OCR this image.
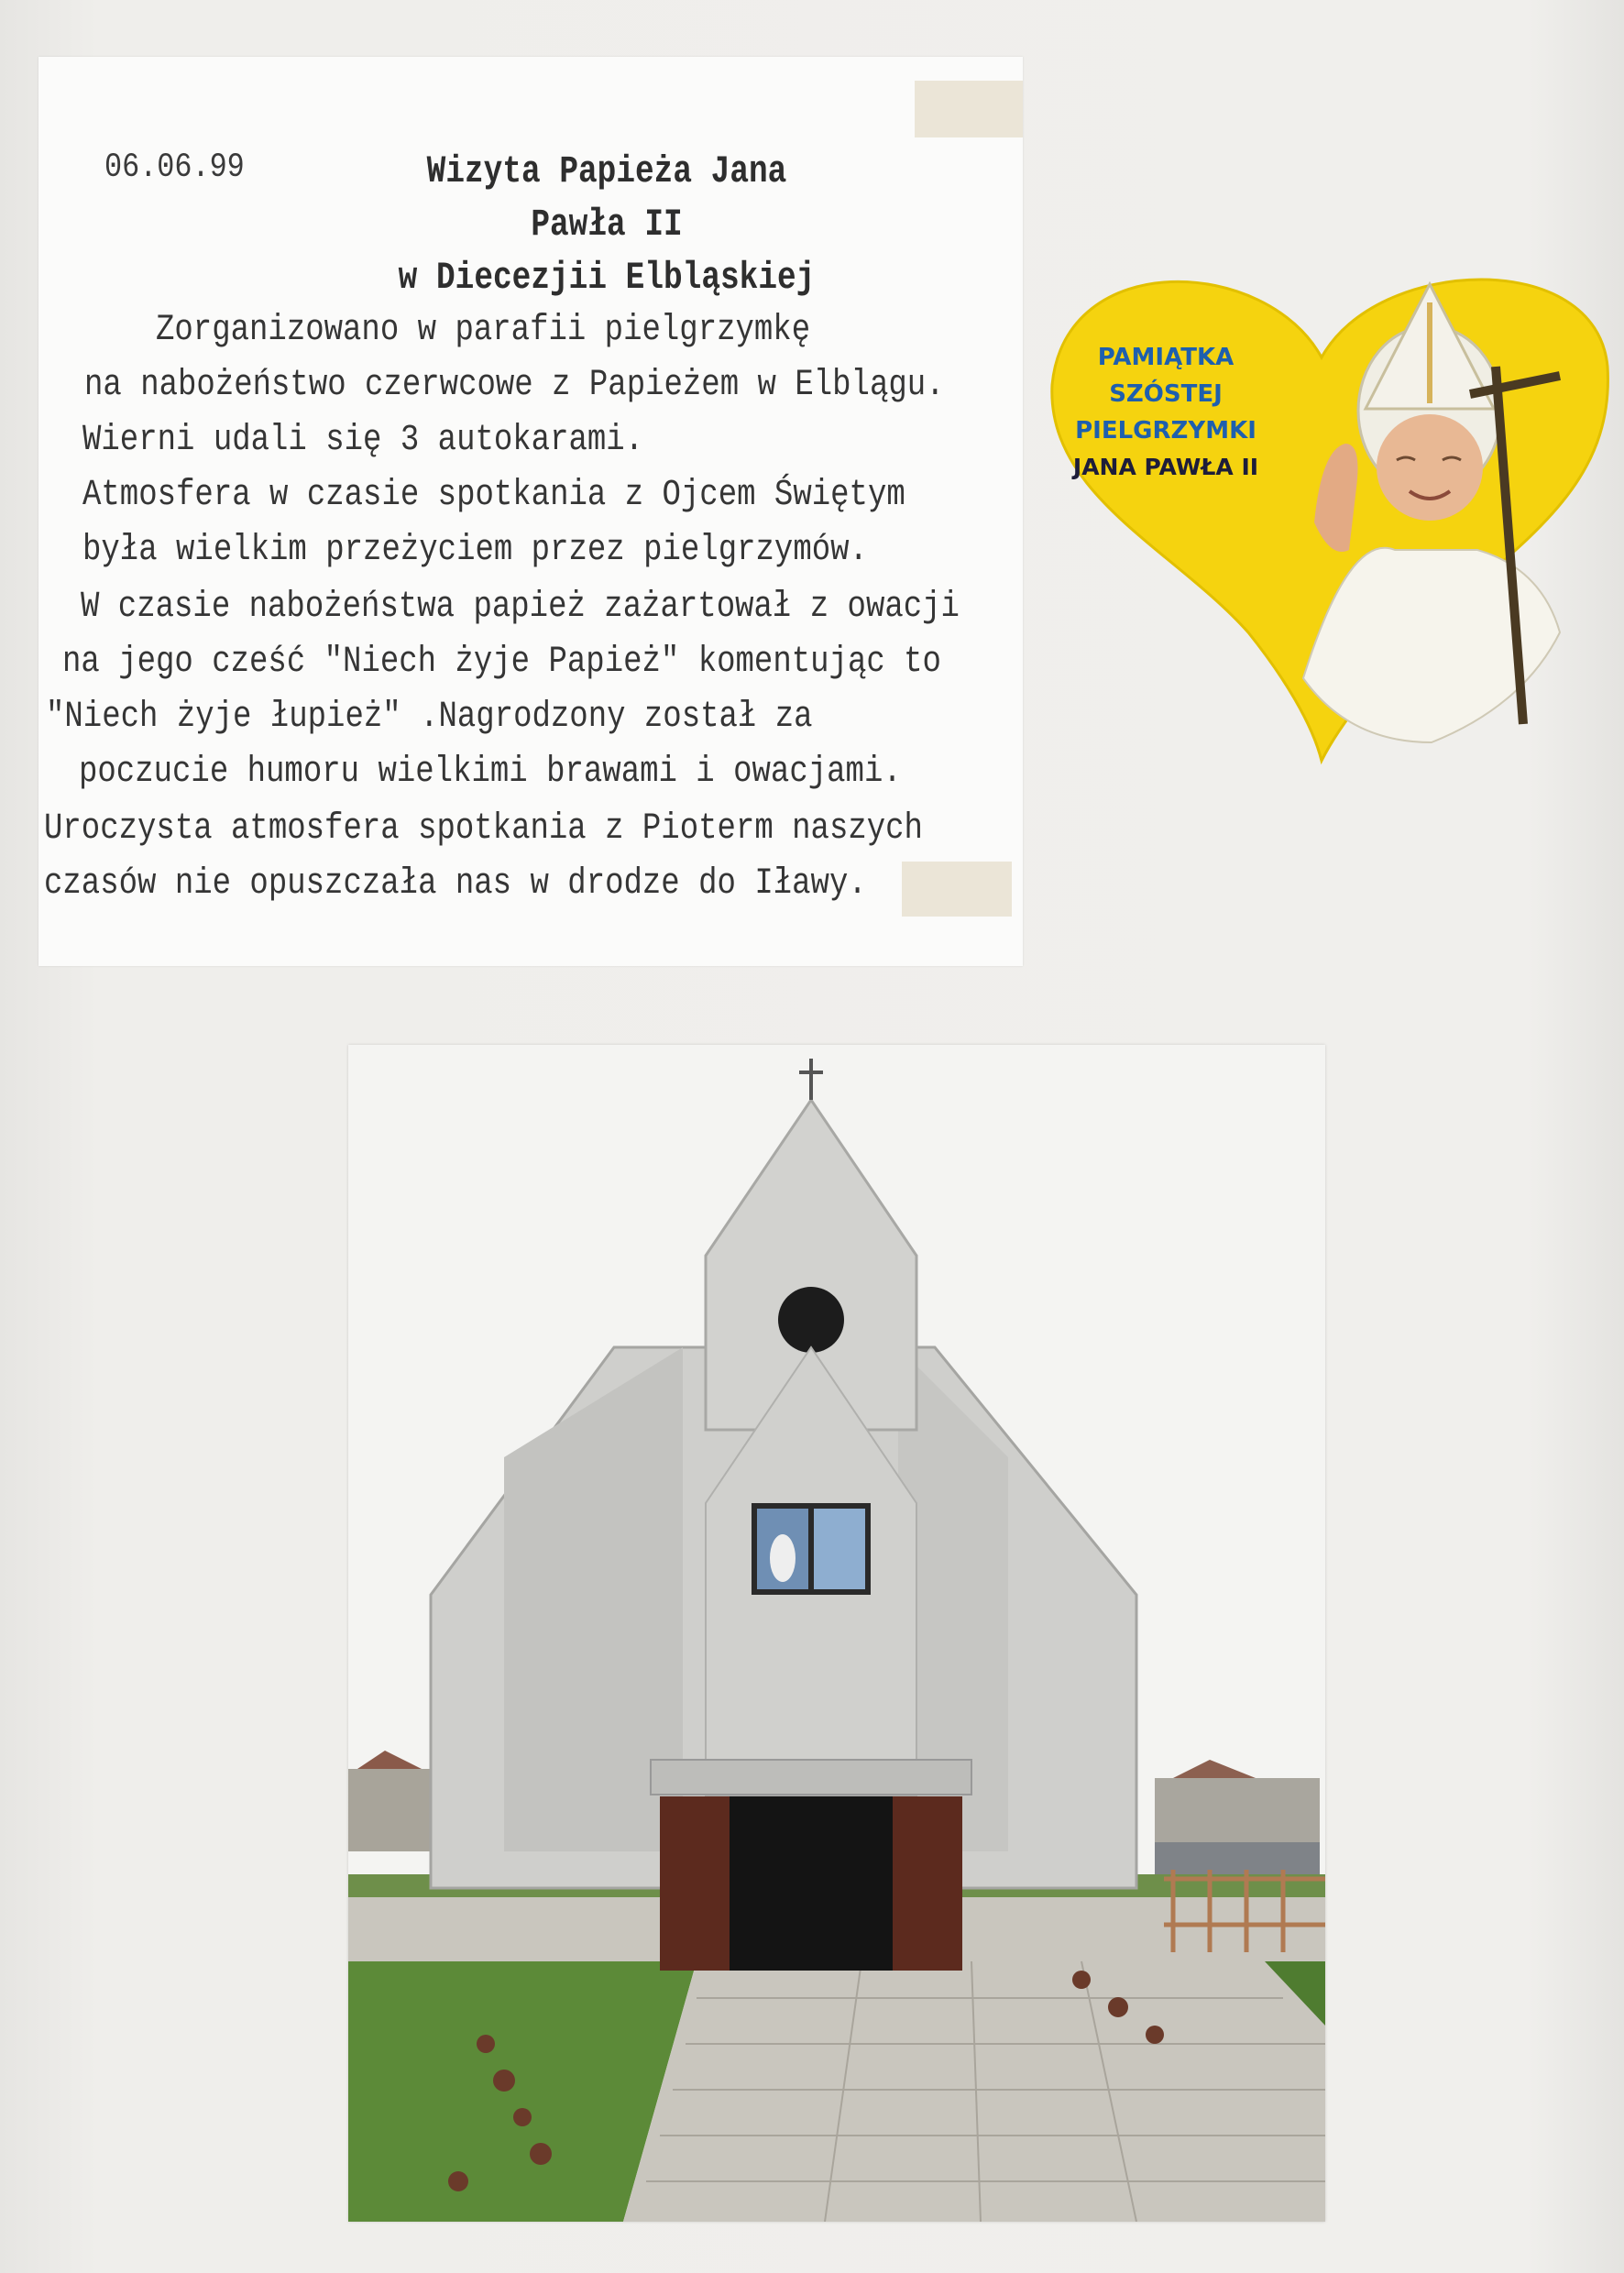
06.06.99	Wizyta Papieża Jana Pawła II
w Diecezjii Elbląskiej
Zorganizowano w parafii pielgrzymkę
na nabożeństwo czerwcowe z Papieżem w Elblągu.
Wierni udali się 3 autokarami.
Atmosfera w czasie spotkania z Ojcem Świętym
była wielkim przeżyciem przez pielgrzymów.
W czasie nabożeństwa papież zażartował z owacji
na jego cześć "Niech żyje Papież" komentując to
"Niech żyje łupież" .Nagrodzony został za
poczucie humoru wielkimi brawami i owacjami.
Uroczysta atmosfera spotkania z Pioterm naszych
czasów nie opuszczała nas w drodze do Iławy.
PAMIĄTKA
SZÓSTEJ
PIELGRZYMKI
JANA PAWŁA II
